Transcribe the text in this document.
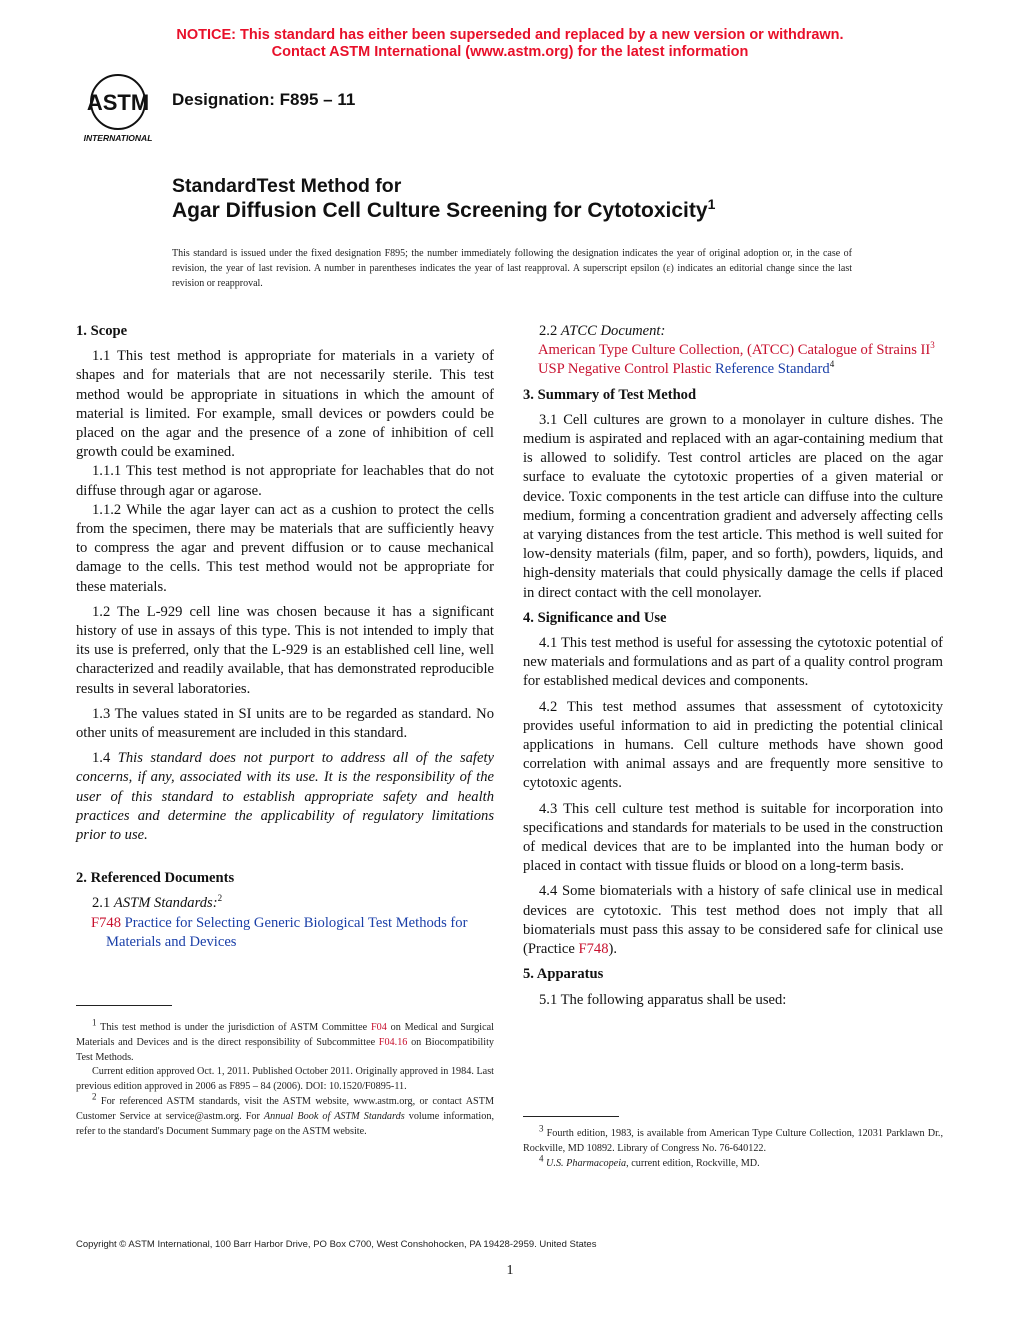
NOTICE: This standard has either been superseded and replaced by a new version or withdrawn.
Contact ASTM International (www.astm.org) for the latest information
ASTM
INTERNATIONAL
Designation: F895 – 11
StandardTest Method for
Agar Diffusion Cell Culture Screening for Cytotoxicity$^1$
This standard is issued under the fixed designation F895; the number immediately following the designation indicates the year of original adoption or, in the case of revision, the year of last revision. A number in parentheses indicates the year of last reapproval. A superscript epsilon (ε) indicates an editorial change since the last revision or reapproval.

1. Scope

1.1 This test method is appropriate for materials in a variety of shapes and for materials that are not necessarily sterile. This test method would be appropriate in situations in which the amount of material is limited. For example, small devices or powders could be placed on the agar and the presence of a zone of inhibition of cell growth could be examined.

1.1.1 This test method is not appropriate for leachables that do not diffuse through agar or agarose.

1.1.2 While the agar layer can act as a cushion to protect the cells from the specimen, there may be materials that are sufficiently heavy to compress the agar and prevent diffusion or to cause mechanical damage to the cells. This test method would not be appropriate for these materials.

1.2 The L-929 cell line was chosen because it has a significant history of use in assays of this type. This is not intended to imply that its use is preferred, only that the L-929 is an established cell line, well characterized and readily available, that has demonstrated reproducible results in several laboratories.

1.3 The values stated in SI units are to be regarded as standard. No other units of measurement are included in this standard.

1.4 This standard does not purport to address all of the safety concerns, if any, associated with its use. It is the responsibility of the user of this standard to establish appropriate safety and health practices and determine the applicability of regulatory limitations prior to use.

2. Referenced Documents

2.1 ASTM Standards:$^2$

F748 Practice for Selecting Generic Biological Test Methods for Materials and Devices

2.2 ATCC Document:

American Type Culture Collection, (ATCC) Catalogue of Strains $II^3$

USP Negative Control Plastic Reference Standard$^4$

3. Summary of Test Method

3.1 Cell cultures are grown to a monolayer in culture dishes. The medium is aspirated and replaced with an agar-containing medium that is allowed to solidify. Test control articles are placed on the agar surface to evaluate the cytotoxic properties of a given material or device. Toxic components in the test article can diffuse into the culture medium, forming a concentration gradient and adversely affecting cells at varying distances from the test article. This method is well suited for low-density materials (film, paper, and so forth), powders, liquids, and high-density materials that could physically damage the cells if placed in direct contact with the cell monolayer.

4. Significance and Use

4.1 This test method is useful for assessing the cytotoxic potential of new materials and formulations and as part of a quality control program for established medical devices and components.

4.2 This test method assumes that assessment of cytotoxicity provides useful information to aid in predicting the potential clinical applications in humans. Cell culture methods have shown good correlation with animal assays and are frequently more sensitive to cytotoxic agents.

4.3 This cell culture test method is suitable for incorporation into specifications and standards for materials to be used in the construction of medical devices that are to be implanted into the human body or placed in contact with tissue fluids or blood on a long-term basis.

4.4 Some biomaterials with a history of safe clinical use in medical devices are cytotoxic. This test method does not imply that all biomaterials must pass this assay to be considered safe for clinical use (Practice F748).

5. Apparatus

5.1 The following apparatus shall be used:

$^1$ This test method is under the jurisdiction of ASTM Committee F04 on Medical and Surgical Materials and Devices and is the direct responsibility of Subcommittee F04.16 on Biocompatibility Test Methods.

Current edition approved Oct. 1, 2011. Published October 2011. Originally approved in 1984. Last previous edition approved in 2006 as F895 – 84 (2006). DOI: 10.1520/F0895-11.

$^2$ For referenced ASTM standards, visit the ASTM website, www.astm.org, or contact ASTM Customer Service at service@astm.org. For Annual Book of ASTM Standards volume information, refer to the standard's Document Summary page on the ASTM website.	$^3$ Fourth edition, 1983, is available from American Type Culture Collection, 12031 Parklawn Dr., Rockville, MD 10892. Library of Congress No. 76-640122.

$^4$ U.S. Pharmacopeia, current edition, Rockville, MD.

Copyright © ASTM International, 100 Barr Harbor Drive, PO Box C700, West Conshohocken, PA 19428-2959. United States
1
